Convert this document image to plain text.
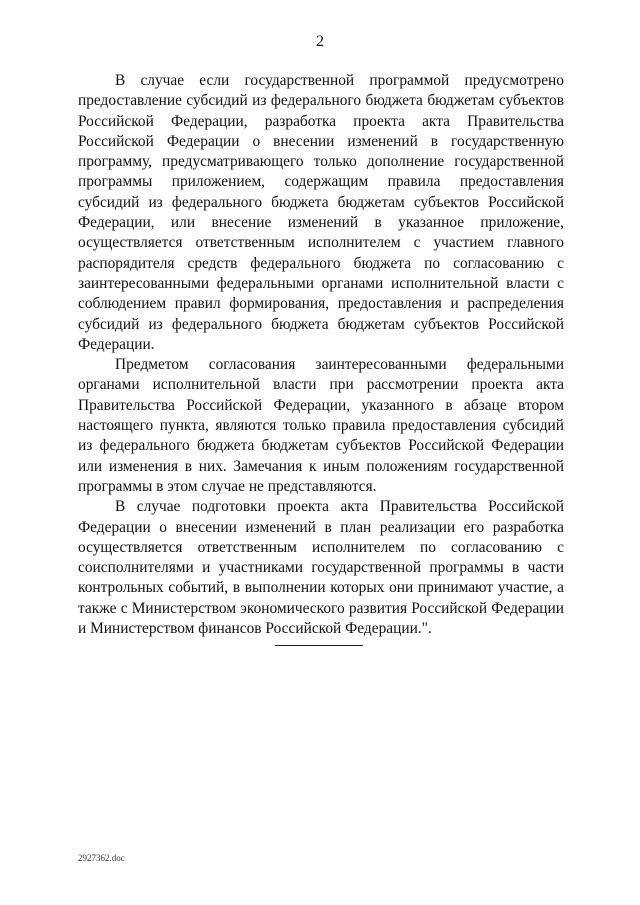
2

В случае если государственной программой предусмотрено предоставление субсидий из федерального бюджета бюджетам субъектов Российской Федерации, разработка проекта акта Правительства Российской Федерации о внесении изменений в государственную программу, предусматривающего только дополнение государственной программы приложением, содержащим правила предоставления субсидий из федерального бюджета бюджетам субъектов Российской Федерации, или внесение изменений в указанное приложение, осуществляется ответственным исполнителем с участием главного распорядителя средств федерального бюджета по согласованию с заинтересованными федеральными органами исполнительной власти с соблюдением правил формирования, предоставления и распределения субсидий из федерального бюджета бюджетам субъектов Российской Федерации.

Предметом согласования заинтересованными федеральными органами исполнительной власти при рассмотрении проекта акта Правительства Российской Федерации, указанного в абзаце втором настоящего пункта, являются только правила предоставления субсидий из федерального бюджета бюджетам субъектов Российской Федерации или изменения в них. Замечания к иным положениям государственной программы в этом случае не представляются.

В случае подготовки проекта акта Правительства Российской Федерации о внесении изменений в план реализации его разработка осуществляется ответственным исполнителем по согласованию с соисполнителями и участниками государственной программы в части контрольных событий, в выполнении которых они принимают участие, а также с Министерством экономического развития Российской Федерации и Министерством финансов Российской Федерации.".

2927362.doc
